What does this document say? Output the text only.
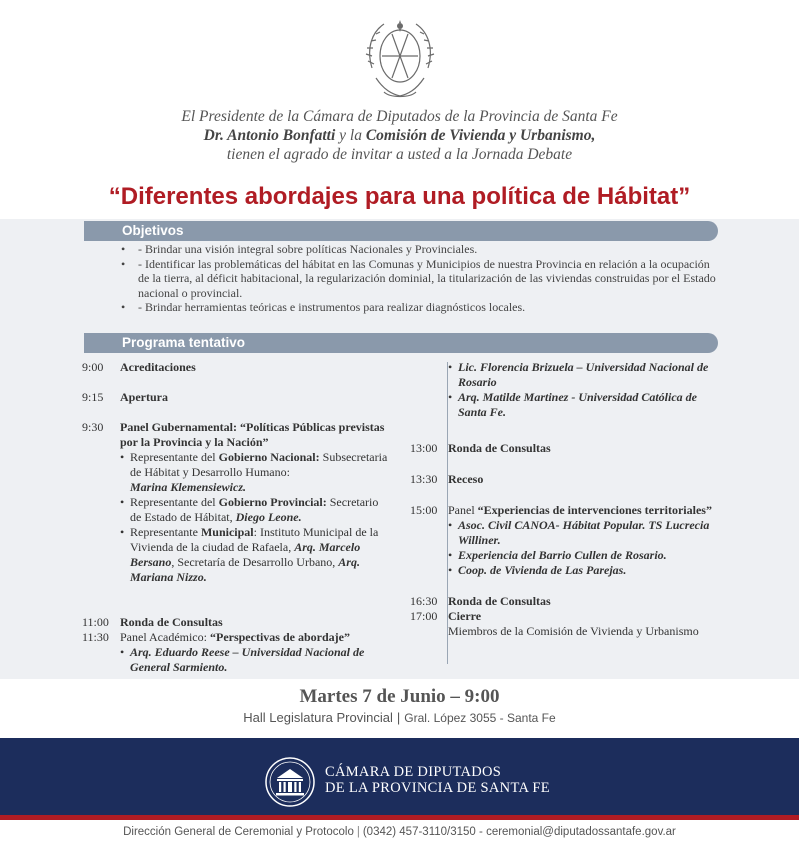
El Presidente de la Cámara de Diputados de la Provincia de Santa Fe
Dr. Antonio Bonfatti y la Comisión de Vivienda y Urbanismo,
tienen el agrado de invitar a usted a la Jornada Debate
“Diferentes abordajes para una política de Hábitat”
Objetivos
• - Brindar una visión integral sobre políticas Nacionales y Provinciales.
• - Identificar las problemáticas del hábitat en las Comunas y Municipios de nuestra Provincia en relación a la ocupación de la tierra, al déficit habitacional, la regularización dominial, la titularización de las viviendas construidas por el Estado nacional o provincial.
• - Brindar herramientas teóricas e instrumentos para realizar diagnósticos locales.
Programa tentativo
9:00 Acreditaciones
9:15 Apertura
9:30 Panel Gubernamental: “Políticas Públicas previstas por la Provincia y la Nación”
• Representante del Gobierno Nacional: Subsecretaria de Hábitat y Desarrollo Humano:
Marina Klemensiewicz.
• Representante del Gobierno Provincial: Secretario de Estado de Hábitat, Diego Leone.
• Representante Municipal: Instituto Municipal de la Vivienda de la ciudad de Rafaela, Arq. Marcelo Bersano, Secretaría de Desarrollo Urbano, Arq. Mariana Nizzo.
11:00 Ronda de Consultas
11:30 Panel Académico: “Perspectivas de abordaje”
• Arq. Eduardo Reese – Universidad Nacional de General Sarmiento.
• Lic. Florencia Brizuela – Universidad Nacional de Rosario
• Arq. Matilde Martinez - Universidad Católica de Santa Fe.
13:00 Ronda de Consultas
13:30 Receso
15:00 Panel “Experiencias de intervenciones territoriales”
• Asoc. Civil CANOA- Hábitat Popular. TS Lucrecia Williner.
• Experiencia del Barrio Cullen de Rosario.
• Coop. de Vivienda de Las Parejas.
16:30 Ronda de Consultas
17:00 Cierre
Miembros de la Comisión de Vivienda y Urbanismo
Martes 7 de Junio – 9:00
Hall Legislatura Provincial | Gral. López 3055 - Santa Fe
CÁMARA DE DIPUTADOS
DE LA PROVINCIA DE SANTA FE
Dirección General de Ceremonial y Protocolo | (0342) 457-3110/3150 - ceremonial@diputadossantafe.gov.ar
